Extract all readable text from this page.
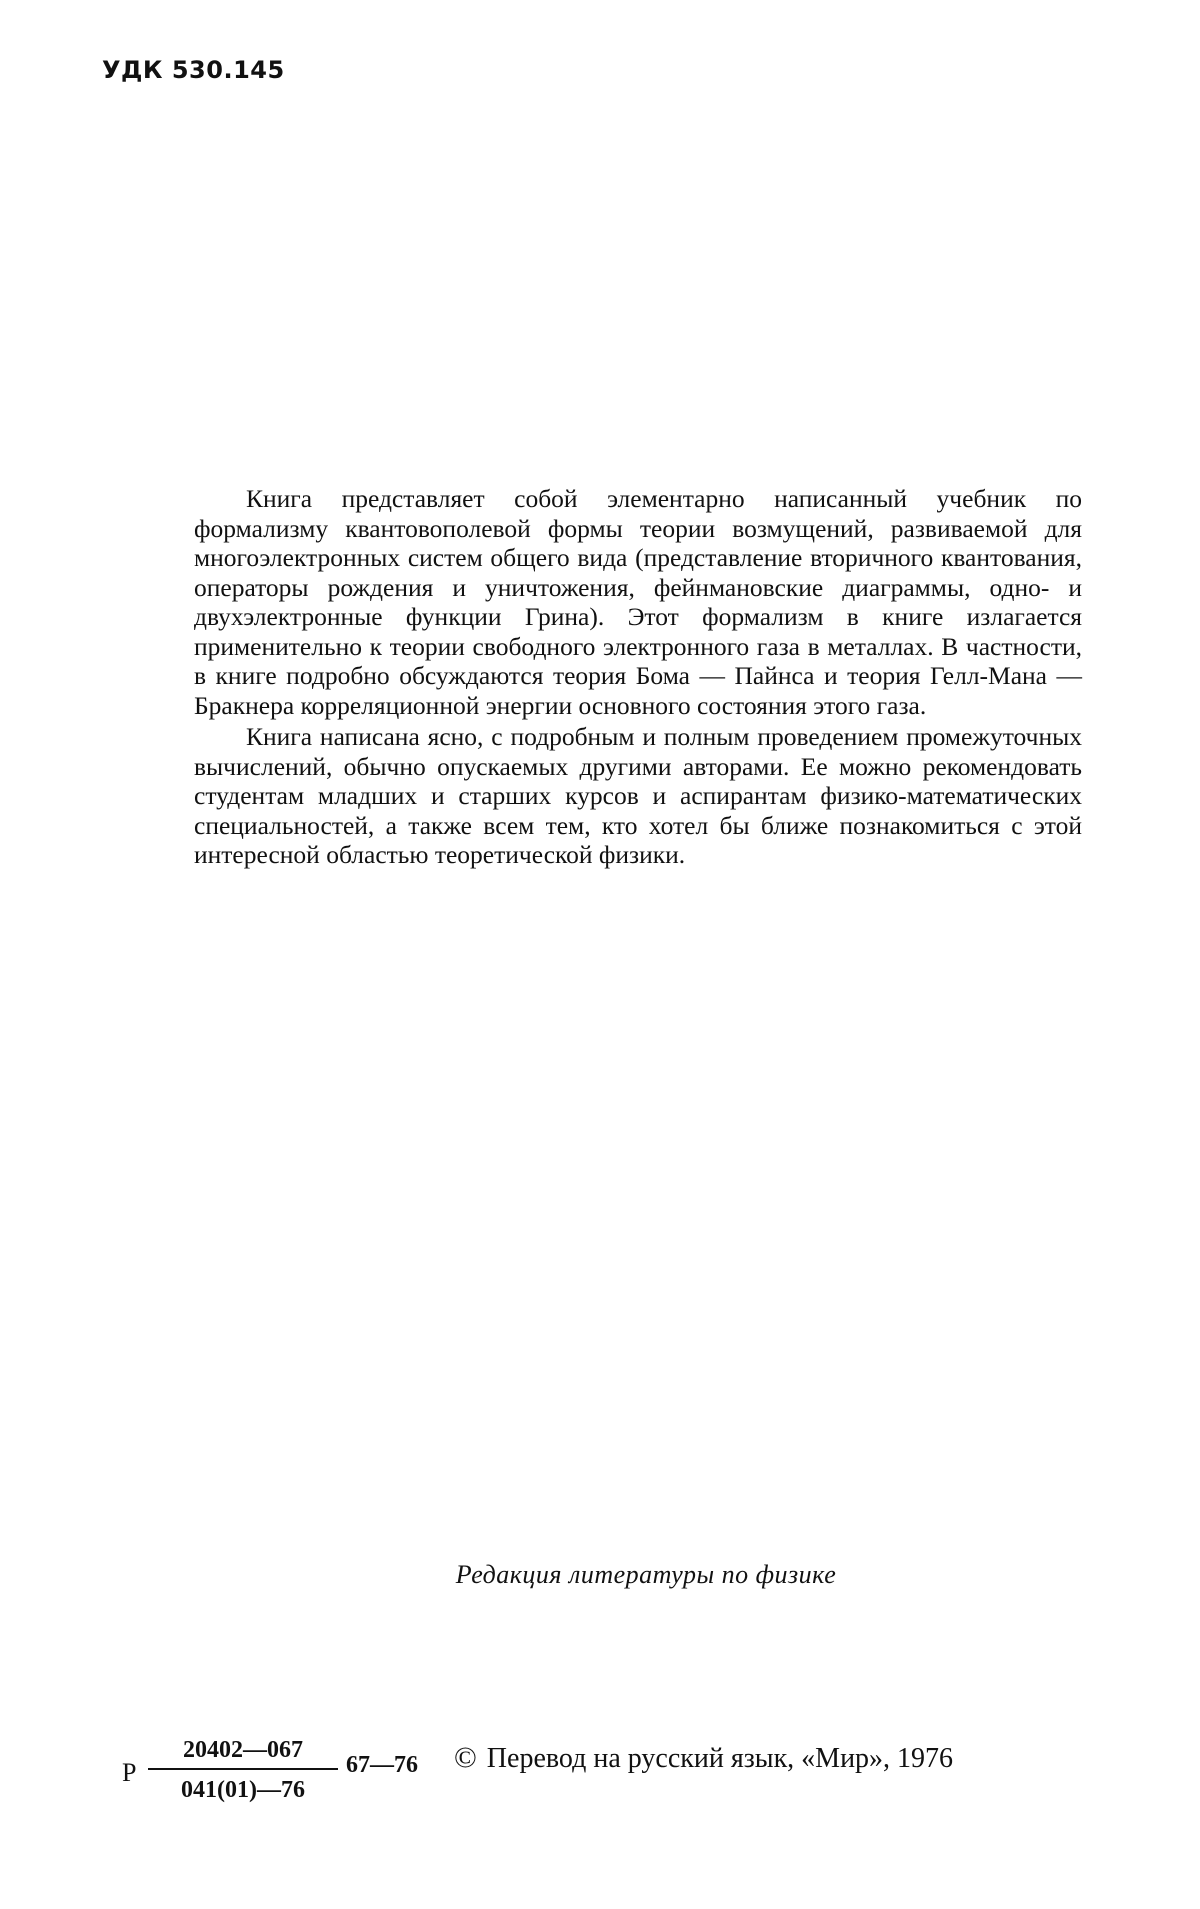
УДК 530.145

Книга представляет собой элементарно написанный учебник по формализму квантовополевой формы теории возмущений, развиваемой для многоэлектронных систем общего вида (представление вторичного квантования, операторы рождения и уничтожения, фейнмановские диаграммы, одно- и двухэлектронные функции Грина). Этот формализм в книге излагается применительно к теории свободного электронного газа в металлах. В частности, в книге подробно обсуждаются теория Бома — Пайнса и теория Гелл-Мана — Бракнера корреляционной энергии основного состояния этого газа.

Книга написана ясно, с подробным и полным проведением промежуточных вычислений, обычно опускаемых другими авторами. Ее можно рекомендовать студентам младших и старших курсов и аспирантам физико-математических специальностей, а также всем тем, кто хотел бы ближе познакомиться с этой интересной областью теоретической физики.

Редакция литературы по физике
Р
20402—067
041(01)—76
67—76 © Перевод на русский язык, «Мир», 1976
